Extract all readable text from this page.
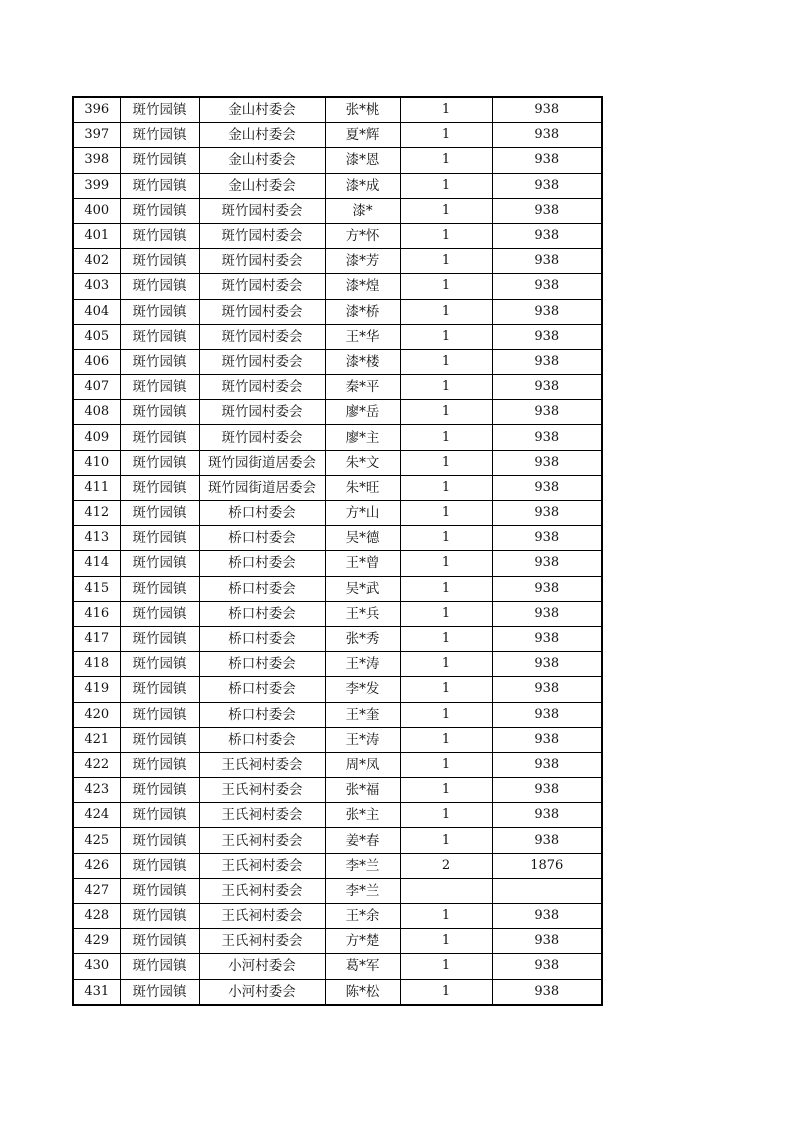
396	斑竹园镇	金山村委会	张*桃	1	938
397	斑竹园镇	金山村委会	夏*辉	1	938
398	斑竹园镇	金山村委会	漆*恩	1	938
399	斑竹园镇	金山村委会	漆*成	1	938
400	斑竹园镇	斑竹园村委会	漆*	1	938
401	斑竹园镇	斑竹园村委会	方*怀	1	938
402	斑竹园镇	斑竹园村委会	漆*芳	1	938
403	斑竹园镇	斑竹园村委会	漆*煌	1	938
404	斑竹园镇	斑竹园村委会	漆*桥	1	938
405	斑竹园镇	斑竹园村委会	王*华	1	938
406	斑竹园镇	斑竹园村委会	漆*楼	1	938
407	斑竹园镇	斑竹园村委会	秦*平	1	938
408	斑竹园镇	斑竹园村委会	廖*岳	1	938
409	斑竹园镇	斑竹园村委会	廖*主	1	938
410	斑竹园镇	斑竹园街道居委会	朱*文	1	938
411	斑竹园镇	斑竹园街道居委会	朱*旺	1	938
412	斑竹园镇	桥口村委会	方*山	1	938
413	斑竹园镇	桥口村委会	吴*德	1	938
414	斑竹园镇	桥口村委会	王*曾	1	938
415	斑竹园镇	桥口村委会	吴*武	1	938
416	斑竹园镇	桥口村委会	王*兵	1	938
417	斑竹园镇	桥口村委会	张*秀	1	938
418	斑竹园镇	桥口村委会	王*涛	1	938
419	斑竹园镇	桥口村委会	李*发	1	938
420	斑竹园镇	桥口村委会	王*奎	1	938
421	斑竹园镇	桥口村委会	王*涛	1	938
422	斑竹园镇	王氏祠村委会	周*凤	1	938
423	斑竹园镇	王氏祠村委会	张*福	1	938
424	斑竹园镇	王氏祠村委会	张*主	1	938
425	斑竹园镇	王氏祠村委会	姜*春	1	938
426	斑竹园镇	王氏祠村委会	李*兰	2	1876
427	斑竹园镇	王氏祠村委会	李*兰		
428	斑竹园镇	王氏祠村委会	王*余	1	938
429	斑竹园镇	王氏祠村委会	方*楚	1	938
430	斑竹园镇	小河村委会	葛*军	1	938
431	斑竹园镇	小河村委会	陈*松	1	938
